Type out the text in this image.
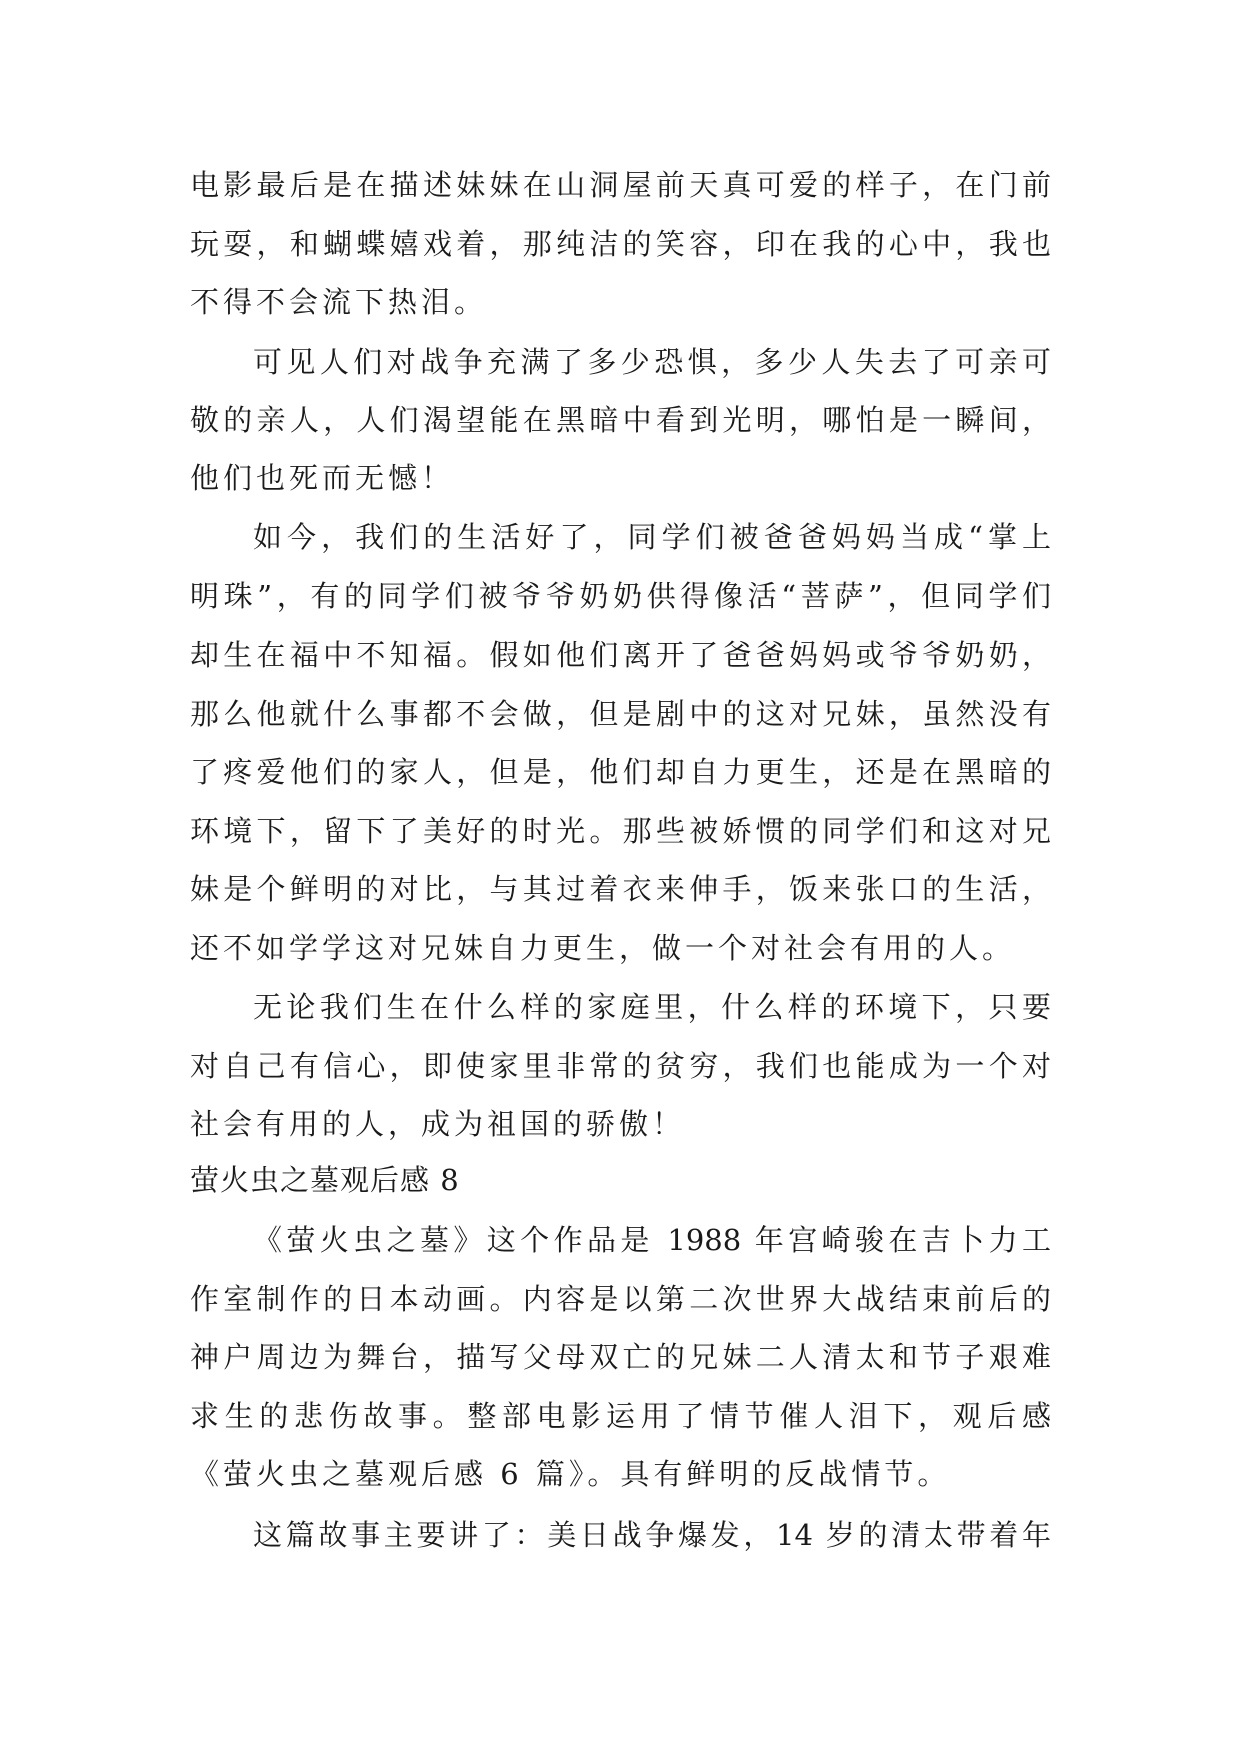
电影最后是在描述妹妹在山洞屋前天真可爱的样子，在门前
玩耍，和蝴蝶嬉戏着，那纯洁的笑容，印在我的心中，我也
不得不会流下热泪。
可见人们对战争充满了多少恐惧，多少人失去了可亲可
敬的亲人，人们渴望能在黑暗中看到光明，哪怕是一瞬间，
他们也死而无憾！
如今，我们的生活好了，同学们被爸爸妈妈当成“掌上
明珠”，有的同学们被爷爷奶奶供得像活“菩萨”，但同学们
却生在福中不知福。假如他们离开了爸爸妈妈或爷爷奶奶，
那么他就什么事都不会做，但是剧中的这对兄妹，虽然没有
了疼爱他们的家人，但是，他们却自力更生，还是在黑暗的
环境下，留下了美好的时光。那些被娇惯的同学们和这对兄
妹是个鲜明的对比，与其过着衣来伸手，饭来张口的生活，
还不如学学这对兄妹自力更生，做一个对社会有用的人。
无论我们生在什么样的家庭里，什么样的环境下，只要
对自己有信心，即使家里非常的贫穷，我们也能成为一个对
社会有用的人，成为祖国的骄傲！
萤火虫之墓观后感 8
《萤火虫之墓》这个作品是 1988 年宫崎骏在吉卜力工
作室制作的日本动画。内容是以第二次世界大战结束前后的
神户周边为舞台，描写父母双亡的兄妹二人清太和节子艰难
求生的悲伤故事。整部电影运用了情节催人泪下，观后感
《萤火虫之墓观后感 6 篇》。具有鲜明的反战情节。
这篇故事主要讲了：美日战争爆发，14 岁的清太带着年
